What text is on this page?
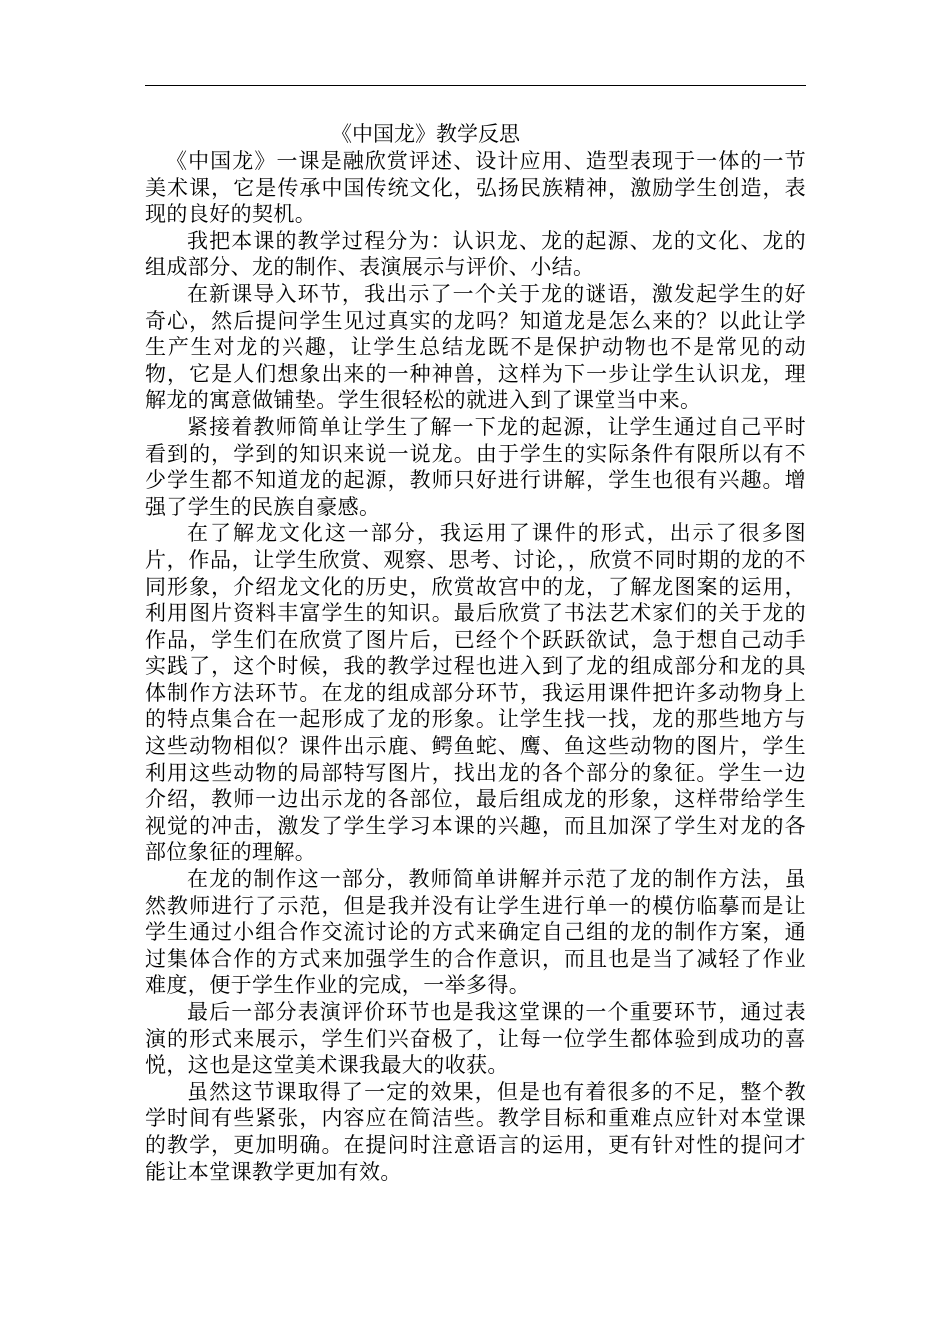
《中国龙》教学反思

《中国龙》一课是融欣赏评述、设计应用、造型表现于一体的一节美术课，它是传承中国传统文化，弘扬民族精神，激励学生创造，表现的良好的契机。

我把本课的教学过程分为：认识龙、龙的起源、龙的文化、龙的组成部分、龙的制作、表演展示与评价、小结。

在新课导入环节，我出示了一个关于龙的谜语，激发起学生的好奇心，然后提问学生见过真实的龙吗？知道龙是怎么来的？以此让学生产生对龙的兴趣，让学生总结龙既不是保护动物也不是常见的动物，它是人们想象出来的一种神兽，这样为下一步让学生认识龙，理解龙的寓意做铺垫。学生很轻松的就进入到了课堂当中来。

紧接着教师简单让学生了解一下龙的起源，让学生通过自己平时看到的，学到的知识来说一说龙。由于学生的实际条件有限所以有不少学生都不知道龙的起源，教师只好进行讲解，学生也很有兴趣。增强了学生的民族自豪感。

在了解龙文化这一部分，我运用了课件的形式，出示了很多图片，作品，让学生欣赏、观察、思考、讨论，，欣赏不同时期的龙的不同形象，介绍龙文化的历史，欣赏故宫中的龙，了解龙图案的运用，利用图片资料丰富学生的知识。最后欣赏了书法艺术家们的关于龙的作品，学生们在欣赏了图片后，已经个个跃跃欲试，急于想自己动手实践了，这个时候，我的教学过程也进入到了龙的组成部分和龙的具体制作方法环节。在龙的组成部分环节，我运用课件把许多动物身上的特点集合在一起形成了龙的形象。让学生找一找，龙的那些地方与这些动物相似？课件出示鹿、鳄鱼蛇、鹰、鱼这些动物的图片，学生利用这些动物的局部特写图片，找出龙的各个部分的象征。学生一边介绍，教师一边出示龙的各部位，最后组成龙的形象，这样带给学生视觉的冲击，激发了学生学习本课的兴趣，而且加深了学生对龙的各部位象征的理解。

在龙的制作这一部分，教师简单讲解并示范了龙的制作方法，虽然教师进行了示范，但是我并没有让学生进行单一的模仿临摹而是让学生通过小组合作交流讨论的方式来确定自己组的龙的制作方案，通过集体合作的方式来加强学生的合作意识，而且也是当了减轻了作业难度，便于学生作业的完成，一举多得。

最后一部分表演评价环节也是我这堂课的一个重要环节，通过表演的形式来展示，学生们兴奋极了，让每一位学生都体验到成功的喜悦，这也是这堂美术课我最大的收获。

虽然这节课取得了一定的效果，但是也有着很多的不足，整个教学时间有些紧张，内容应在简洁些。教学目标和重难点应针对本堂课的教学，更加明确。在提问时注意语言的运用，更有针对性的提问才能让本堂课教学更加有效。
